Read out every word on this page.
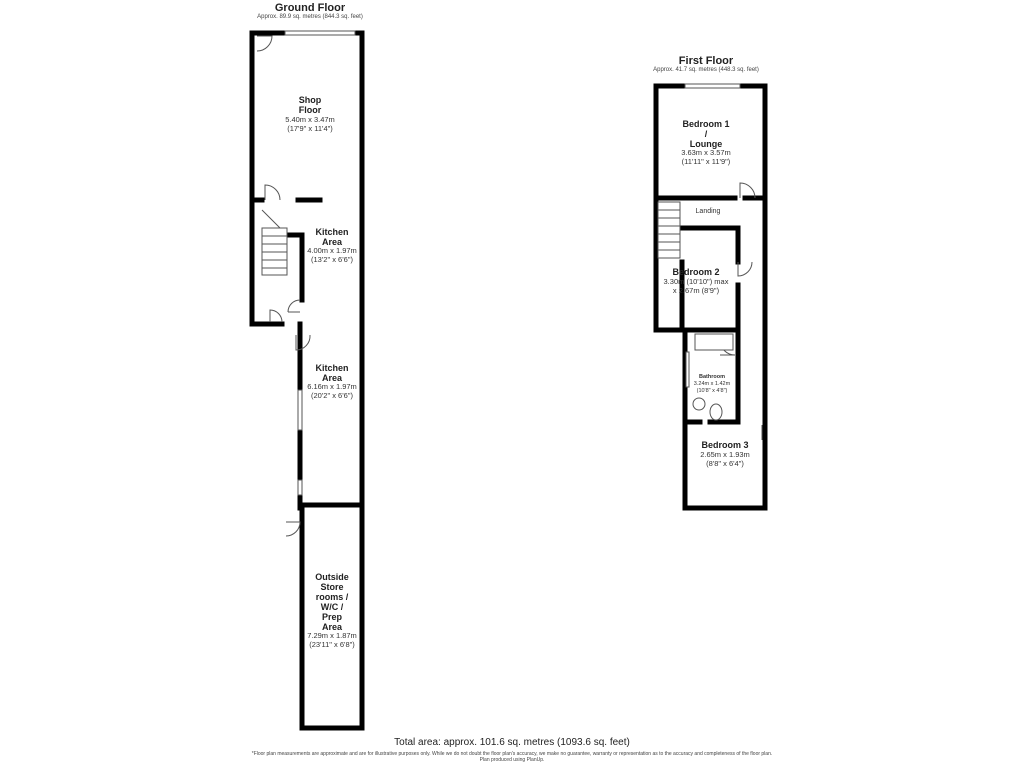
Ground Floor
Approx. 89.9 sq. metres (844.3 sq. feet)
First Floor
Approx. 41.7 sq. metres (448.3 sq. feet)
Shop
Floor
5.40m x 3.47m
(17'9" x 11'4")
Kitchen
Area
4.00m x 1.97m
(13'2" x 6'6")
Kitchen
Area
6.16m x 1.97m
(20'2" x 6'6")
Outside
Store
rooms /
W/C /
Prep
Area
7.29m x 1.87m
(23'11" x 6'8")
Bedroom 1
/
Lounge
3.63m x 3.57m
(11'11" x 11'9")
Landing
Bedroom 2
3.30m (10'10") max
x 2.67m (8'9")
Bathroom
3.24m x 1.42m
(10'8" x 4'8")
Bedroom 3
2.65m x 1.93m
(8'8" x 6'4")
Total area: approx. 101.6 sq. metres (1093.6 sq. feet)
*Floor plan measurements are approximate and are for illustrative purposes only. While we do not doubt the floor plan's accuracy, we make no guarantee, warranty or representation as to the accuracy and completeness of the floor plan.
Plan produced using PlanUp.
